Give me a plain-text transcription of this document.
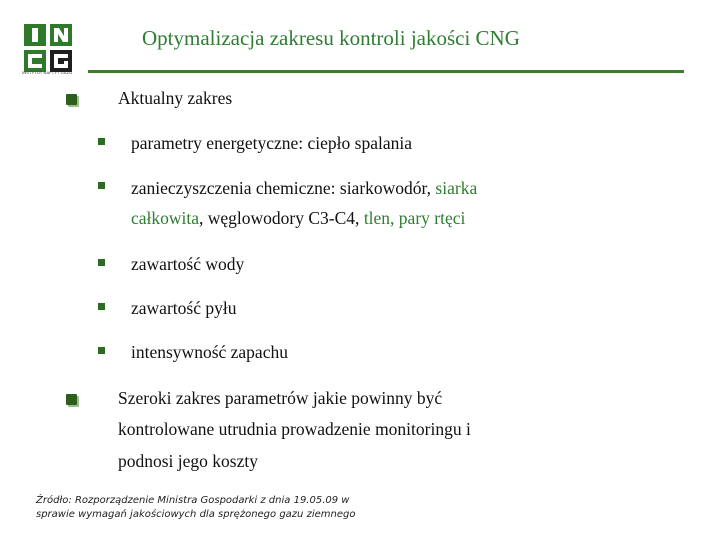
INSTYTUT NAFTY I GAZU
Optymalizacja zakresu kontroli jakości CNG
Aktualny zakres
parametry energetyczne: ciepło spalania
zanieczyszczenia chemiczne: siarkowodór, siarka
całkowita, węglowodory C3-C4, tlen, pary rtęci
zawartość wody
zawartość pyłu
intensywność zapachu
Szeroki zakres parametrów jakie powinny być
kontrolowane utrudnia prowadzenie monitoringu i
podnosi jego koszty
Źródło: Rozporządzenie Ministra Gospodarki z dnia 19.05.09 w
sprawie wymagań jakościowych dla sprężonego gazu ziemnego
